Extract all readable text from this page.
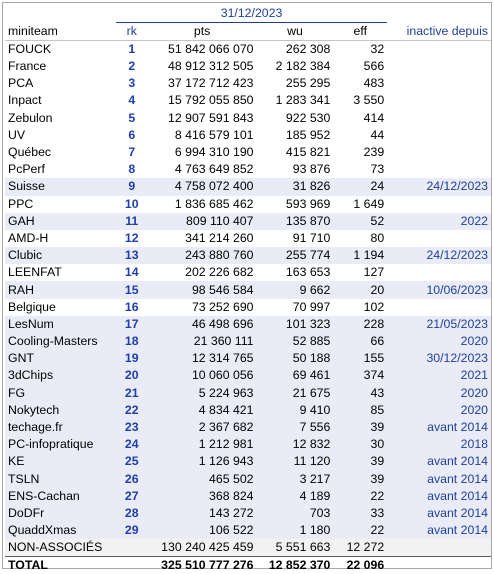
	31/12/2023				
miniteam	rk	pts	wu	eff	inactive depuis
FOUCK	1	51 842 066 070	262 308	32	
France	2	48 912 312 505	2 182 384	566	
PCA	3	37 172 712 423	255 295	483	
Inpact	4	15 792 055 850	1 283 341	3 550	
Zebulon	5	12 907 591 843	922 530	414	
UV	6	8 416 579 101	185 952	44	
Québec	7	6 994 310 190	415 821	239	
PcPerf	8	4 763 649 852	93 876	73	
Suisse	9	4 758 072 400	31 826	24	24/12/2023
PPC	10	1 836 685 462	593 969	1 649	
GAH	11	809 110 407	135 870	52	2022
AMD-H	12	341 214 260	91 710	80	
Clubic	13	243 880 760	255 774	1 194	24/12/2023
LEENFAT	14	202 226 682	163 653	127	
RAH	15	98 546 584	9 662	20	10/06/2023
Belgique	16	73 252 690	70 997	102	
LesNum	17	46 498 696	101 323	228	21/05/2023
Cooling-Masters	18	21 360 111	52 885	66	2020
GNT	19	12 314 765	50 188	155	30/12/2023
3dChips	20	10 060 056	69 461	374	2021
FG	21	5 224 963	21 675	43	2020
Nokytech	22	4 834 421	9 410	85	2020
techage.fr	23	2 367 682	7 556	39	avant 2014
PC-infopratique	24	1 212 981	12 832	30	2018
KE	25	1 126 943	11 120	39	avant 2014
TSLN	26	465 502	3 217	39	avant 2014
ENS-Cachan	27	368 824	4 189	22	avant 2014
DoDFr	28	143 272	703	33	avant 2014
QuaddXmas	29	106 522	1 180	22	avant 2014
NON-ASSOCIÉS		130 240 425 459	5 551 663	12 272	
TOTAL		325 510 777 276	12 852 370	22 096	
